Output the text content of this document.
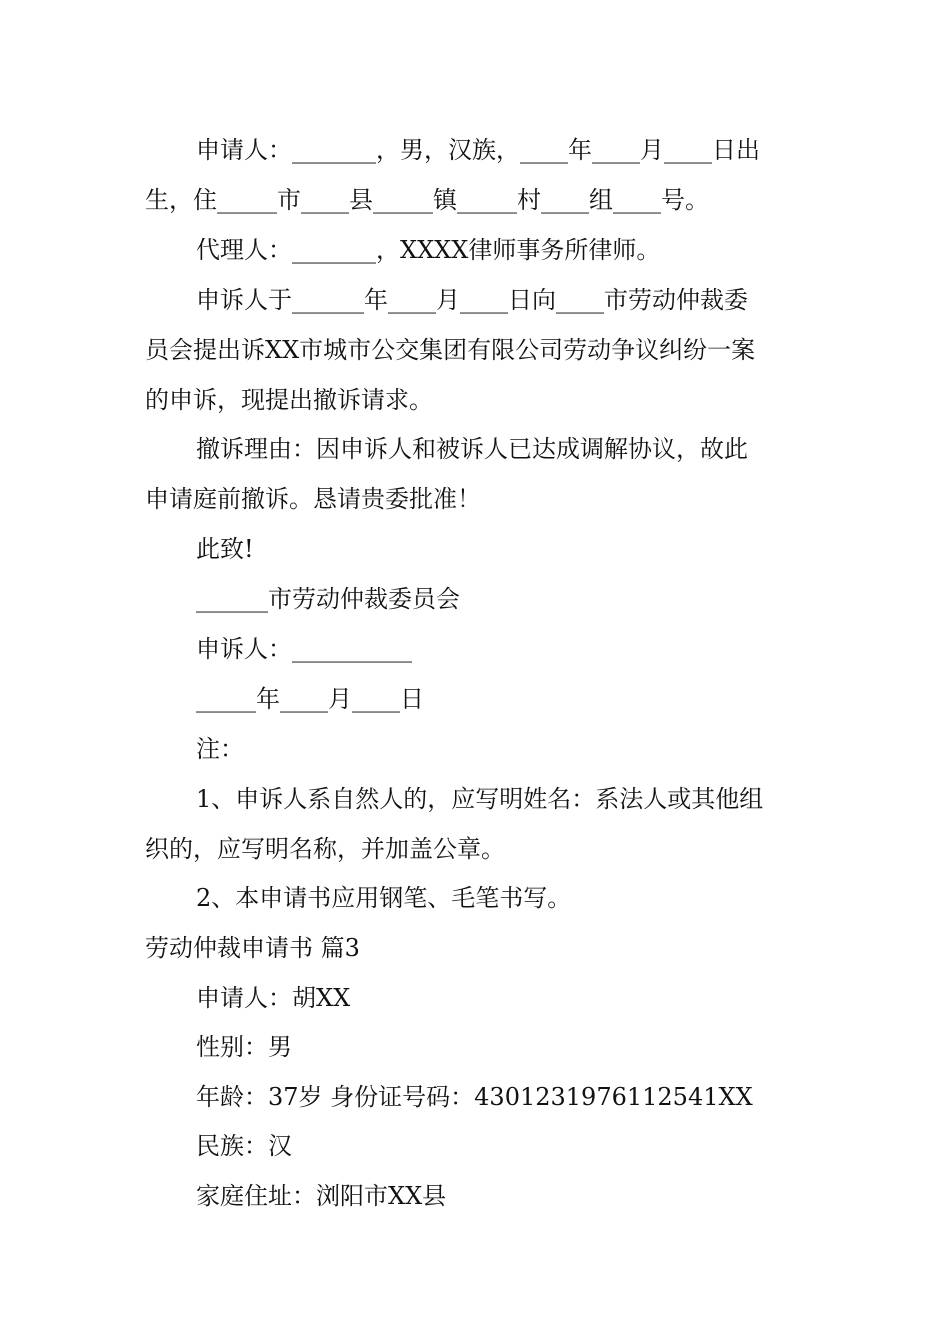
申请人：_______，男，汉族，____年____月____日出
生，住_____市____县_____镇_____村____组____号。
代理人：_______，XXXX律师事务所律师。
申诉人于______年____月____日向____市劳动仲裁委
员会提出诉XX市城市公交集团有限公司劳动争议纠纷一案
的申诉，现提出撤诉请求。
撤诉理由：因申诉人和被诉人已达成调解协议，故此
申请庭前撤诉。恳请贵委批准！
此致!
______市劳动仲裁委员会
申诉人：__________
_____年____月____日
注：
1、申诉人系自然人的，应写明姓名：系法人或其他组
织的，应写明名称，并加盖公章。
2、本申请书应用钢笔、毛笔书写。
劳动仲裁申请书 篇3
申请人：胡XX
性别：男
年龄：37岁 身份证号码：4301231976112541XX
民族：汉
家庭住址：浏阳市XX县
